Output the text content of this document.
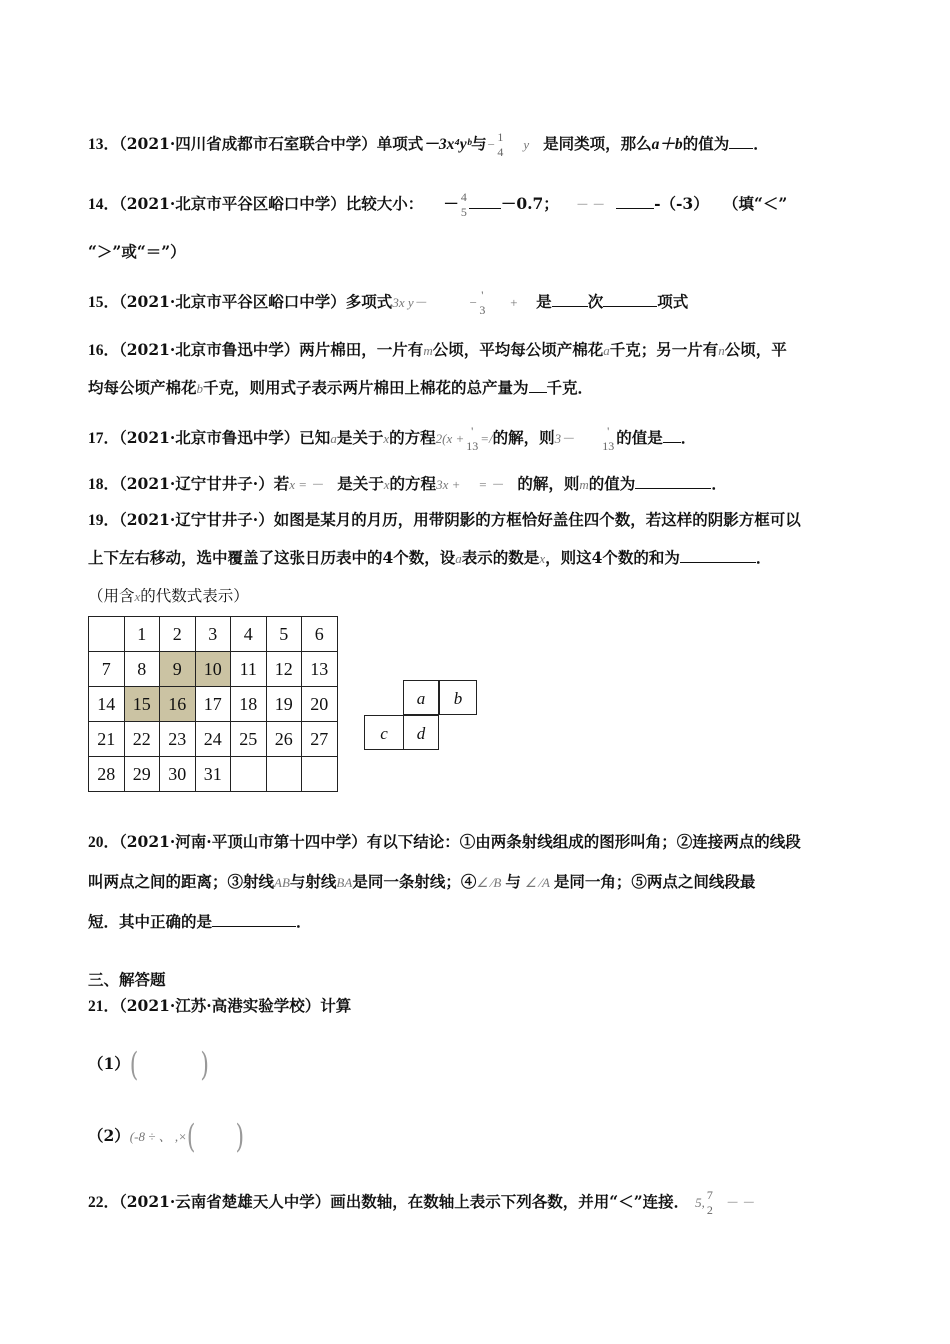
13．（2021·四川省成都市石室联合中学）单项式－3x⁴yᵇ与− 1
4 y 是同类项，那么a＋b的值为 ．
14．（2021·北京市平谷区峪口中学）比较大小： － 4
5 －0.7； － －	-（-3） （填“＜”
“＞”或“＝”）
15．（2021·北京市平谷区峪口中学）多项式3x y－	− '
3 + 是 次	项式
16．（2021·北京市鲁迅中学）两片棉田，一片有m公顷，平均每公顷产棉花a千克；另一片有n公顷，平
均每公顷产棉花b千克，则用式子表示两片棉田上棉花的总产量为 千克．
17．（2021·北京市鲁迅中学）已知a是关于x的方程2(x + '
13 =/的解，则3－	'
13 的值是 ．
18．（2021·辽宁甘井子·）若x = － 是关于x的方程3x + = － 的解，则m的值为	．
19．（2021·辽宁甘井子·）如图是某月的月历，用带阴影的方框恰好盖住四个数，若这样的阴影方框可以
上下左右移动，选中覆盖了这张日历表中的4个数，设a表示的数是x，则这4个数的和为	．
（用含x的代数式表示）
	1	2	3	4	5	6
7	8	9	10	11	12	13
14	15	16	17	18	19	20
21	22	23	24	25	26	27
28	29	30	31			
a	b
c	d
20．（2021·河南·平顶山市第十四中学）有以下结论：①由两条射线组成的图形叫角；②连接两点的线段
叫两点之间的距离；③射线AB与射线BA是同一条射线；④∠ ∕B 与 ∠ ∕A 是同一角；⑤两点之间线段最
短．其中正确的是	．
三、解答题
21．（2021·江苏·高港实验学校）计算
（1）(	)
（2）(-8 ÷ 、 ,×( )
22．（2021·云南省楚雄天人中学）画出数轴，在数轴上表示下列各数，并用“＜”连接． 5, 7
2 － －
